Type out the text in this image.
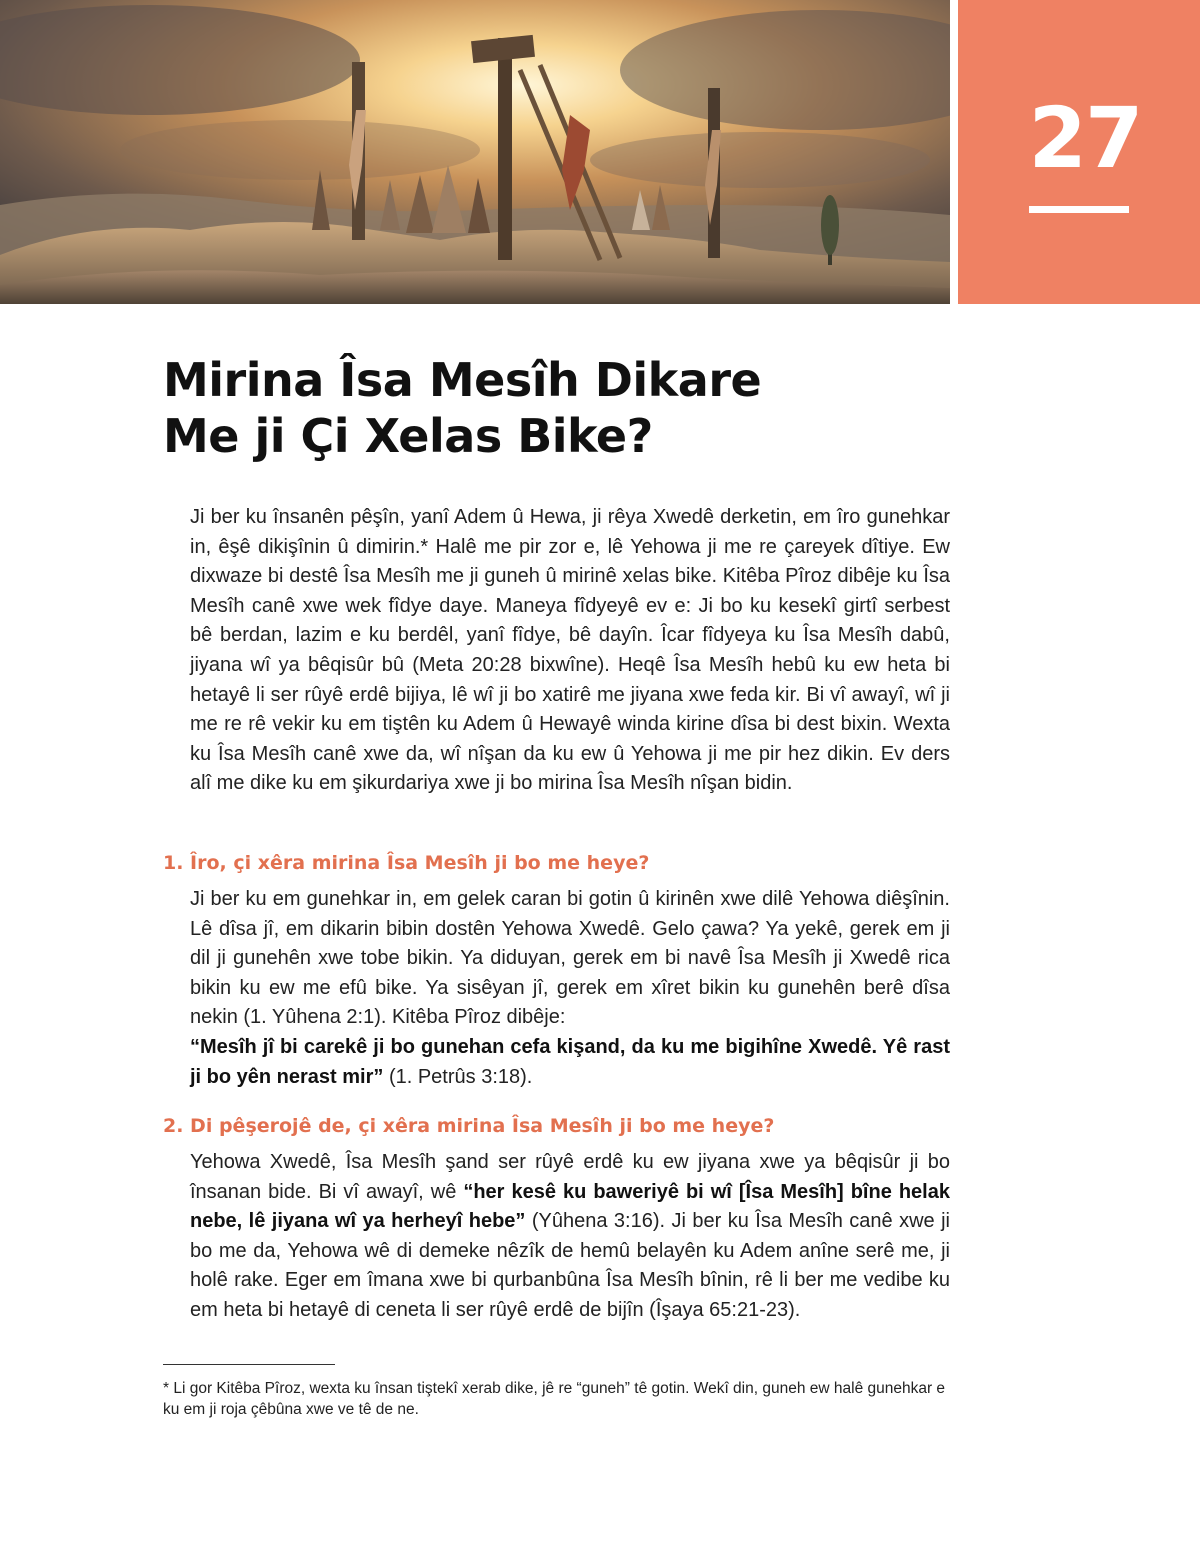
27
Mirina Îsa Mesîh Dikare
Me ji Çi Xelas Bike?

Ji ber ku însanên pêşîn, yanî Adem û Hewa, ji rêya Xwedê derketin, em îro gunehkar in, êşê dikişînin û dimirin.* Halê me pir zor e, lê Yehowa ji me re çareyek dîtiye. Ew dixwaze bi destê Îsa Mesîh me ji guneh û mirinê xelas bike. Kitêba Pîroz dibêje ku Îsa Mesîh canê xwe wek fîdye daye. Maneya fîdyeyê ev e: Ji bo ku kesekî girtî serbest bê berdan, lazim e ku berdêl, yanî fîdye, bê dayîn. Îcar fîdyeya ku Îsa Mesîh dabû, jiyana wî ya bêqisûr bû (Meta 20:28 bixwîne). Heqê Îsa Mesîh hebû ku ew heta bi hetayê li ser rûyê erdê bijiya, lê wî ji bo xatirê me jiyana xwe feda kir. Bi vî awayî, wî ji me re rê vekir ku em tiştên ku Adem û Hewayê winda kirine dîsa bi dest bixin. Wexta ku Îsa Mesîh canê xwe da, wî nîşan da ku ew û Yehowa ji me pir hez dikin. Ev ders alî me dike ku em şikurdariya xwe ji bo mirina Îsa Mesîh nîşan bidin.

1. Îro, çi xêra mirina Îsa Mesîh ji bo me heye?

Ji ber ku em gunehkar in, em gelek caran bi gotin û kirinên xwe dilê Yehowa diêşînin. Lê dîsa jî, em dikarin bibin dostên Yehowa Xwedê. Gelo çawa? Ya yekê, gerek em ji dil ji gunehên xwe tobe bikin. Ya diduyan, gerek em bi navê Îsa Mesîh ji Xwedê rica bikin ku ew me efû bike. Ya sisêyan jî, gerek em xîret bikin ku gunehên berê dîsa nekin (1. Yûhena 2:1). Kitêba Pîroz dibêje:
“Mesîh jî bi carekê ji bo gunehan cefa kişand, da ku me bigihîne Xwedê. Yê rast ji bo yên nerast mir” (1. Petrûs 3:18).

2. Di pêşerojê de, çi xêra mirina Îsa Mesîh ji bo me heye?

Yehowa Xwedê, Îsa Mesîh şand ser rûyê erdê ku ew jiyana xwe ya bêqisûr ji bo însanan bide. Bi vî awayî, wê “her kesê ku baweriyê bi wî [Îsa Mesîh] bîne helak nebe, lê jiyana wî ya herheyî hebe” (Yûhena 3:16). Ji ber ku Îsa Mesîh canê xwe ji bo me da, Yehowa wê di demeke nêzîk de hemû belayên ku Adem anîne serê me, ji holê rake. Eger em îmana xwe bi qurbanbûna Îsa Mesîh bînin, rê li ber me vedibe ku em heta bi hetayê di ceneta li ser rûyê erdê de bijîn (Îşaya 65:21-23).

* Li gor Kitêba Pîroz, wexta ku însan tiştekî xerab dike, jê re “guneh” tê gotin. Wekî din, guneh ew halê gunehkar e ku em ji roja çêbûna xwe ve tê de ne.
